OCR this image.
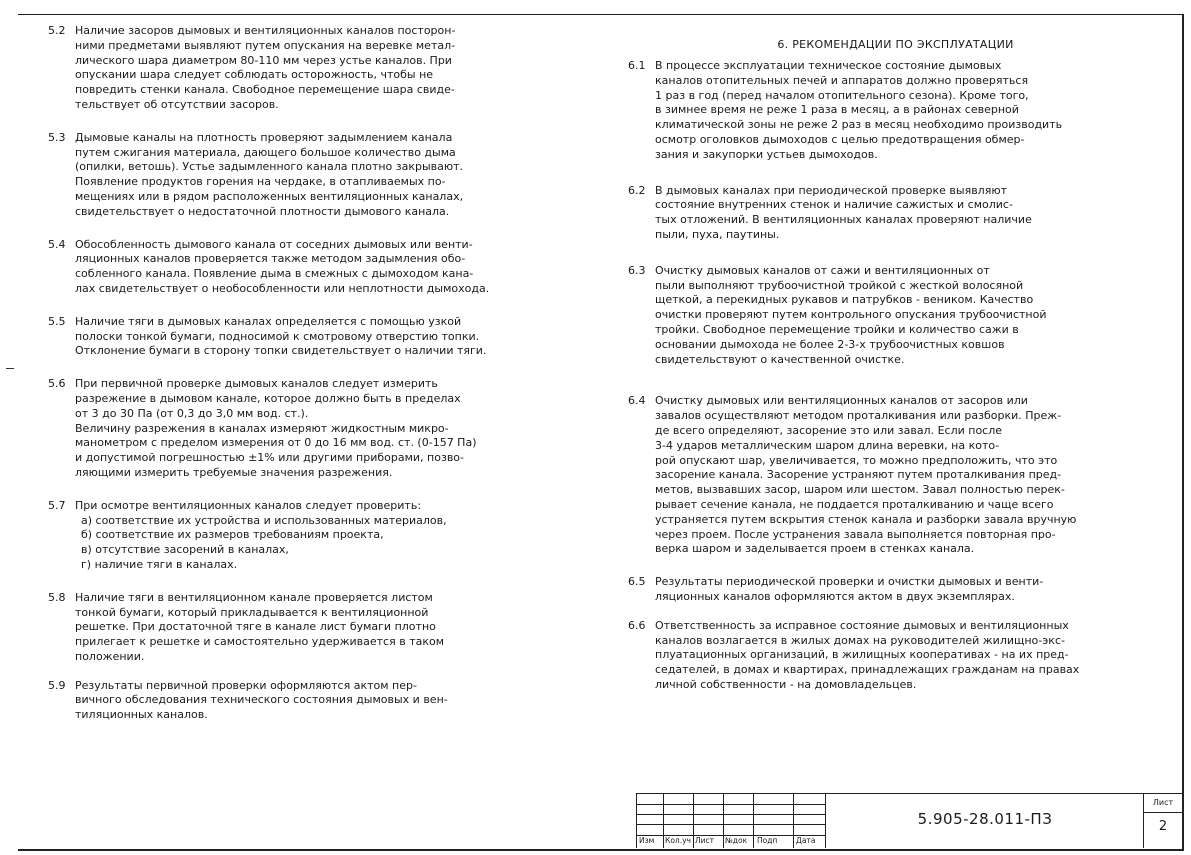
5.2 Наличие засоров дымовых и вентиляционных каналов посторон-
ними предметами выявляют путем опускания на веревке метал-
лического шара диаметром 80-110 мм через устье каналов. При
опускании шара следует соблюдать осторожность, чтобы не
повредить стенки канала. Свободное перемещение шара свиде-
тельствует об отсутствии засоров.
5.3 Дымовые каналы на плотность проверяют задымлением канала
путем сжигания материала, дающего большое количество дыма
(опилки, ветошь). Устье задымленного канала плотно закрывают.
Появление продуктов горения на чердаке, в отапливаемых по-
мещениях или в рядом расположенных вентиляционных каналах,
свидетельствует о недостаточной плотности дымового канала.
5.4 Обособленность дымового канала от соседних дымовых или венти-
ляционных каналов проверяется также методом задымления обо-
собленного канала. Появление дыма в смежных с дымоходом кана-
лах свидетельствует о необособленности или неплотности дымохода.
5.5 Наличие тяги в дымовых каналах определяется с помощью узкой
полоски тонкой бумаги, подносимой к смотровому отверстию топки.
Отклонение бумаги в сторону топки свидетельствует о наличии тяги.
5.6 При первичной проверке дымовых каналов следует измерить
разрежение в дымовом канале, которое должно быть в пределах
от 3 до 30 Па (от 0,3 до 3,0 мм вод. ст.).
Величину разрежения в каналах измеряют жидкостным микро-
манометром с пределом измерения от 0 до 16 мм вод. ст. (0-157 Па)
и допустимой погрешностью ±1% или другими приборами, позво-
ляющими измерить требуемые значения разрежения.
5.7 При осмотре вентиляционных каналов следует проверить:
а) соответствие их устройства и использованных материалов,
б) соответствие их размеров требованиям проекта,
в) отсутствие засорений в каналах,
г) наличие тяги в каналах.
5.8 Наличие тяги в вентиляционном канале проверяется листом
тонкой бумаги, который прикладывается к вентиляционной
решетке. При достаточной тяге в канале лист бумаги плотно
прилегает к решетке и самостоятельно удерживается в таком
положении.
5.9 Результаты первичной проверки оформляются актом пер-
вичного обследования технического состояния дымовых и вен-
тиляционных каналов.
6. РЕКОМЕНДАЦИИ ПО ЭКСПЛУАТАЦИИ
6.1 В процессе эксплуатации техническое состояние дымовых
каналов отопительных печей и аппаратов должно проверяться
1 раз в год (перед началом отопительного сезона). Кроме того,
в зимнее время не реже 1 раза в месяц, а в районах северной
климатической зоны не реже 2 раз в месяц необходимо производить
осмотр оголовков дымоходов с целью предотвращения обмер-
зания и закупорки устьев дымоходов.
6.2 В дымовых каналах при периодической проверке выявляют
состояние внутренних стенок и наличие сажистых и смолис-
тых отложений. В вентиляционных каналах проверяют наличие
пыли, пуха, паутины.
6.3 Очистку дымовых каналов от сажи и вентиляционных от
пыли выполняют трубоочистной тройкой с жесткой волосяной
щеткой, а перекидных рукавов и патрубков - веником. Качество
очистки проверяют путем контрольного опускания трубоочистной
тройки. Свободное перемещение тройки и количество сажи в
основании дымохода не более 2-3-х трубоочистных ковшов
свидетельствуют о качественной очистке.
6.4 Очистку дымовых или вентиляционных каналов от засоров или
завалов осуществляют методом проталкивания или разборки. Преж-
де всего определяют, засорение это или завал. Если после
3-4 ударов металлическим шаром длина веревки, на кото-
рой опускают шар, увеличивается, то можно предположить, что это
засорение канала. Засорение устраняют путем проталкивания пред-
метов, вызвавших засор, шаром или шестом. Завал полностью перек-
рывает сечение канала, не поддается проталкиванию и чаще всего
устраняется путем вскрытия стенок канала и разборки завала вручную
через проем. После устранения завала выполняется повторная про-
верка шаром и заделывается проем в стенках канала.
6.5 Результаты периодической проверки и очистки дымовых и венти-
ляционных каналов оформляются актом в двух экземплярах.
6.6 Ответственность за исправное состояние дымовых и вентиляционных
каналов возлагается в жилых домах на руководителей жилищно-экс-
плуатационных организаций, в жилищных кооперативах - на их пред-
седателей, в домах и квартирах, принадлежащих гражданам на правах
личной собственности - на домовладельцев.
Изм Кол.уч Лист №док Подп Дата
5.905-28.011-ПЗ
Лист
2
